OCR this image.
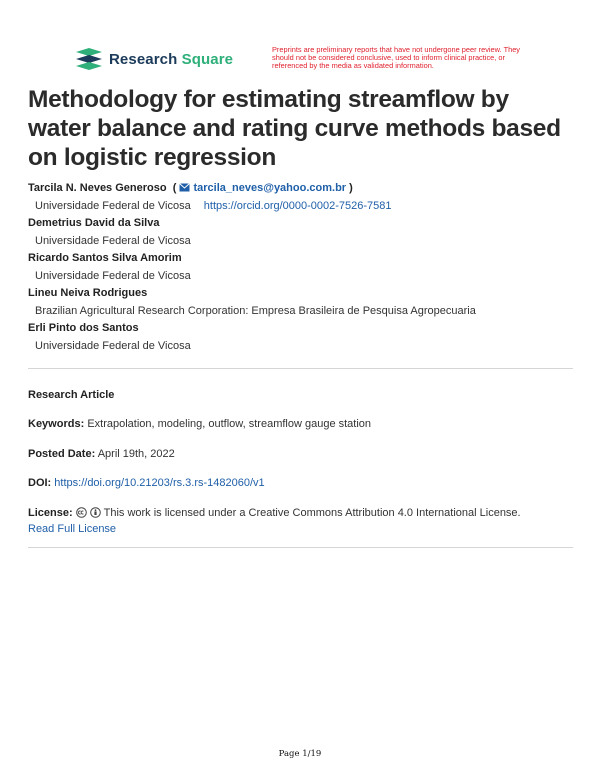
Research Square
Preprints are preliminary reports that have not undergone peer review. They should not be considered conclusive, used to inform clinical practice, or referenced by the media as validated information.
Methodology for estimating streamflow by water balance and rating curve methods based on logistic regression
Tarcila N. Neves Generoso  (  tarcila_neves@yahoo.com.br )
Universidade Federal de Vicosa https://orcid.org/0000-0002-7526-7581
Demetrius David da Silva
Universidade Federal de Vicosa
Ricardo Santos Silva Amorim
Universidade Federal de Vicosa
Lineu Neiva Rodrigues
Brazilian Agricultural Research Corporation: Empresa Brasileira de Pesquisa Agropecuaria
Erli Pinto dos Santos
Universidade Federal de Vicosa
Research Article
Keywords: Extrapolation, modeling, outflow, streamflow gauge station
Posted Date: April 19th, 2022
DOI: https://doi.org/10.21203/rs.3.rs-1482060/v1
License:	This work is licensed under a Creative Commons Attribution 4.0 International License.
Read Full License
Page 1/19
